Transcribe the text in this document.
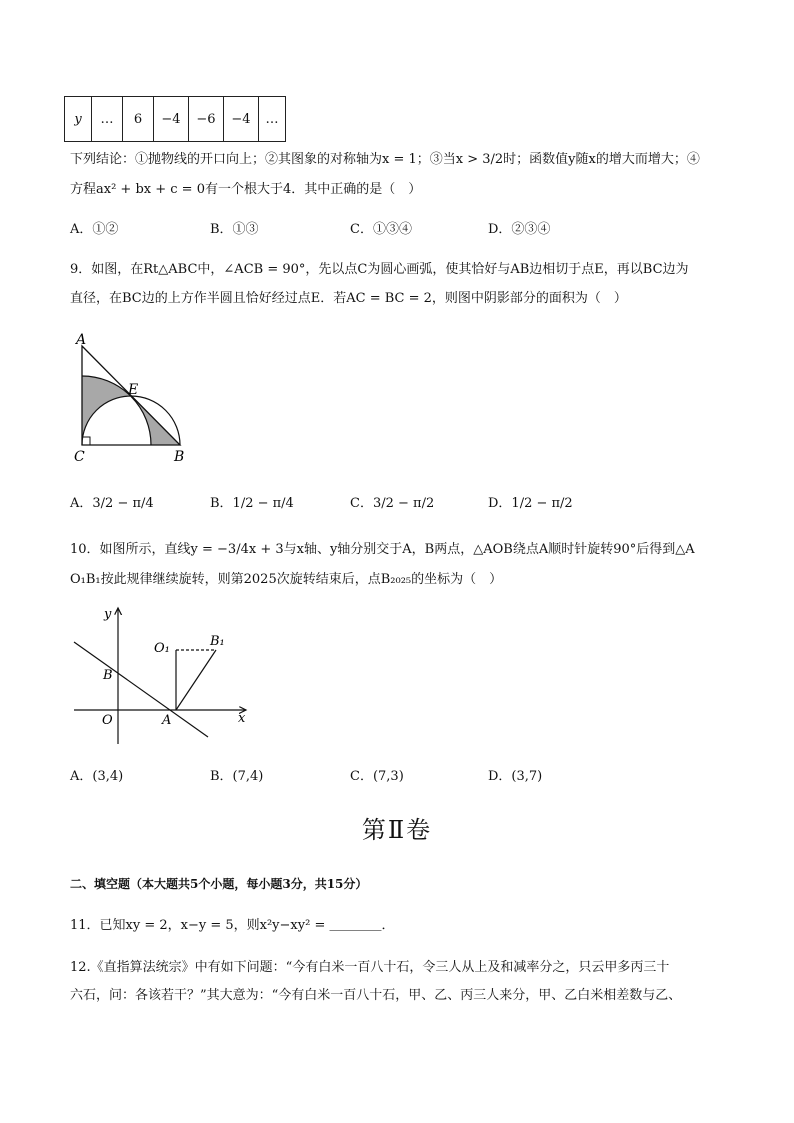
y	…	6	−4	−6	−4	…
下列结论：①抛物线的开口向上；②其图象的对称轴为x = 1；③当x > 3/2时；函数值y随x的增大而增大；④
方程ax² + bx + c = 0有一个根大于4．其中正确的是（　）
A．①②	B．①③	C．①③④	D．②③④
9．如图，在Rt△ABC中，∠ACB = 90°，先以点C为圆心画弧，使其恰好与AB边相切于点E，再以BC边为
直径，在BC边的上方作半圆且恰好经过点E．若AC = BC = 2，则图中阴影部分的面积为（　）
A
E
C	B
A．3/2 − π/4	B．1/2 − π/4	C．3/2 − π/2	D．1/2 − π/2
10．如图所示，直线y = −3/4x + 3与x轴、y轴分别交于A，B两点，△AOB绕点A顺时针旋转90°后得到△A
O₁B₁按此规律继续旋转，则第2025次旋转结束后，点B₂₀₂₅的坐标为（　）
y
x
O	A
B
O₁	B₁
A．(3,4)	B．(7,4)	C．(7,3)	D．(3,7)
第Ⅱ卷
二、填空题（本大题共5个小题，每小题3分，共15分）
11．已知xy = 2，x−y = 5，则x²y−xy² = ＿＿＿＿．
12.《直指算法统宗》中有如下问题：“今有白米一百八十石，令三人从上及和减率分之，只云甲多丙三十
六石，问：各该若干？”其大意为：“今有白米一百八十石，甲、乙、丙三人来分，甲、乙白米相差数与乙、
